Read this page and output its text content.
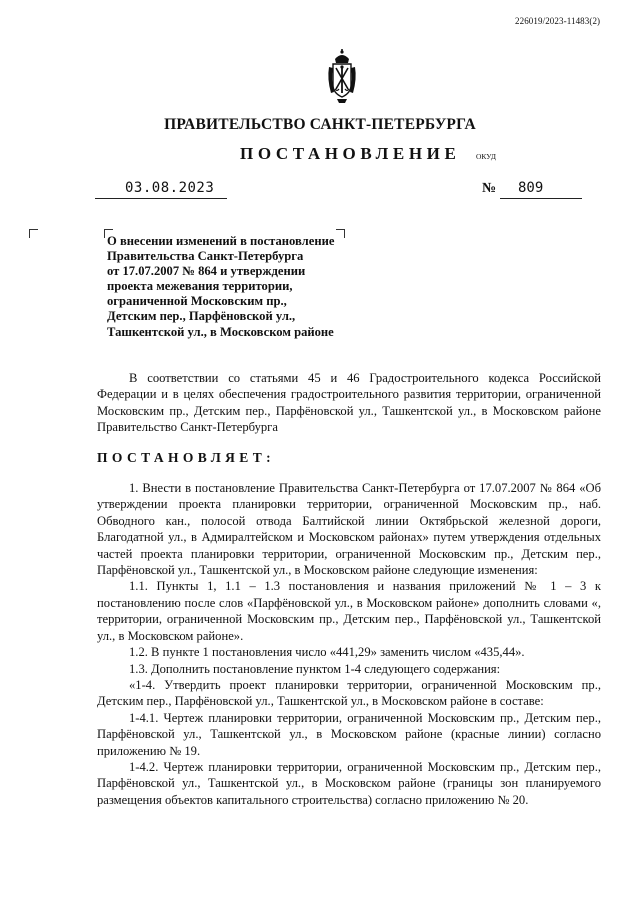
226019/2023-11483(2)
ПРАВИТЕЛЬСТВО САНКТ-ПЕТЕРБУРГА
ПОСТАНОВЛЕНИЕ ОКУД
03.08.2023	№ 809
О внесении изменений в постановление
Правительства Санкт-Петербурга
от 17.07.2007 № 864 и утверждении
проекта межевания территории,
ограниченной Московским пр.,
Детским пер., Парфёновской ул.,
Ташкентской ул., в Московском районе

В соответствии со статьями 45 и 46 Градостроительного кодекса Российской Федерации и в целях обеспечения градостроительного развития территории, ограниченной Московским пр., Детским пер., Парфёновской ул., Ташкентской ул., в Московском районе Правительство Санкт-Петербурга

ПОСТАНОВЛЯЕТ:

1. Внести в постановление Правительства Санкт-Петербурга от 17.07.2007 № 864 «Об утверждении проекта планировки территории, ограниченной Московским пр., наб. Обводного кан., полосой отвода Балтийской линии Октябрьской железной дороги, Благодатной ул., в Адмиралтейском и Московском районах» путем утверждения отдельных частей проекта планировки территории, ограниченной Московским пр., Детским пер., Парфёновской ул., Ташкентской ул., в Московском районе следующие изменения:

1.1. Пункты 1, 1.1 – 1.3 постановления и названия приложений № 1 – 3 к постановлению после слов «Парфёновской ул., в Московском районе» дополнить словами «, территории, ограниченной Московским пр., Детским пер., Парфёновской ул., Ташкентской ул., в Московском районе».

1.2. В пункте 1 постановления число «441,29» заменить числом «435,44».

1.3. Дополнить постановление пунктом 1-4 следующего содержания:

«1-4. Утвердить проект планировки территории, ограниченной Московским пр., Детским пер., Парфёновской ул., Ташкентской ул., в Московском районе в составе:

1-4.1. Чертеж планировки территории, ограниченной Московским пр., Детским пер., Парфёновской ул., Ташкентской ул., в Московском районе (красные линии) согласно приложению № 19.

1-4.2. Чертеж планировки территории, ограниченной Московским пр., Детским пер., Парфёновской ул., Ташкентской ул., в Московском районе (границы зон планируемого размещения объектов капитального строительства) согласно приложению № 20.
